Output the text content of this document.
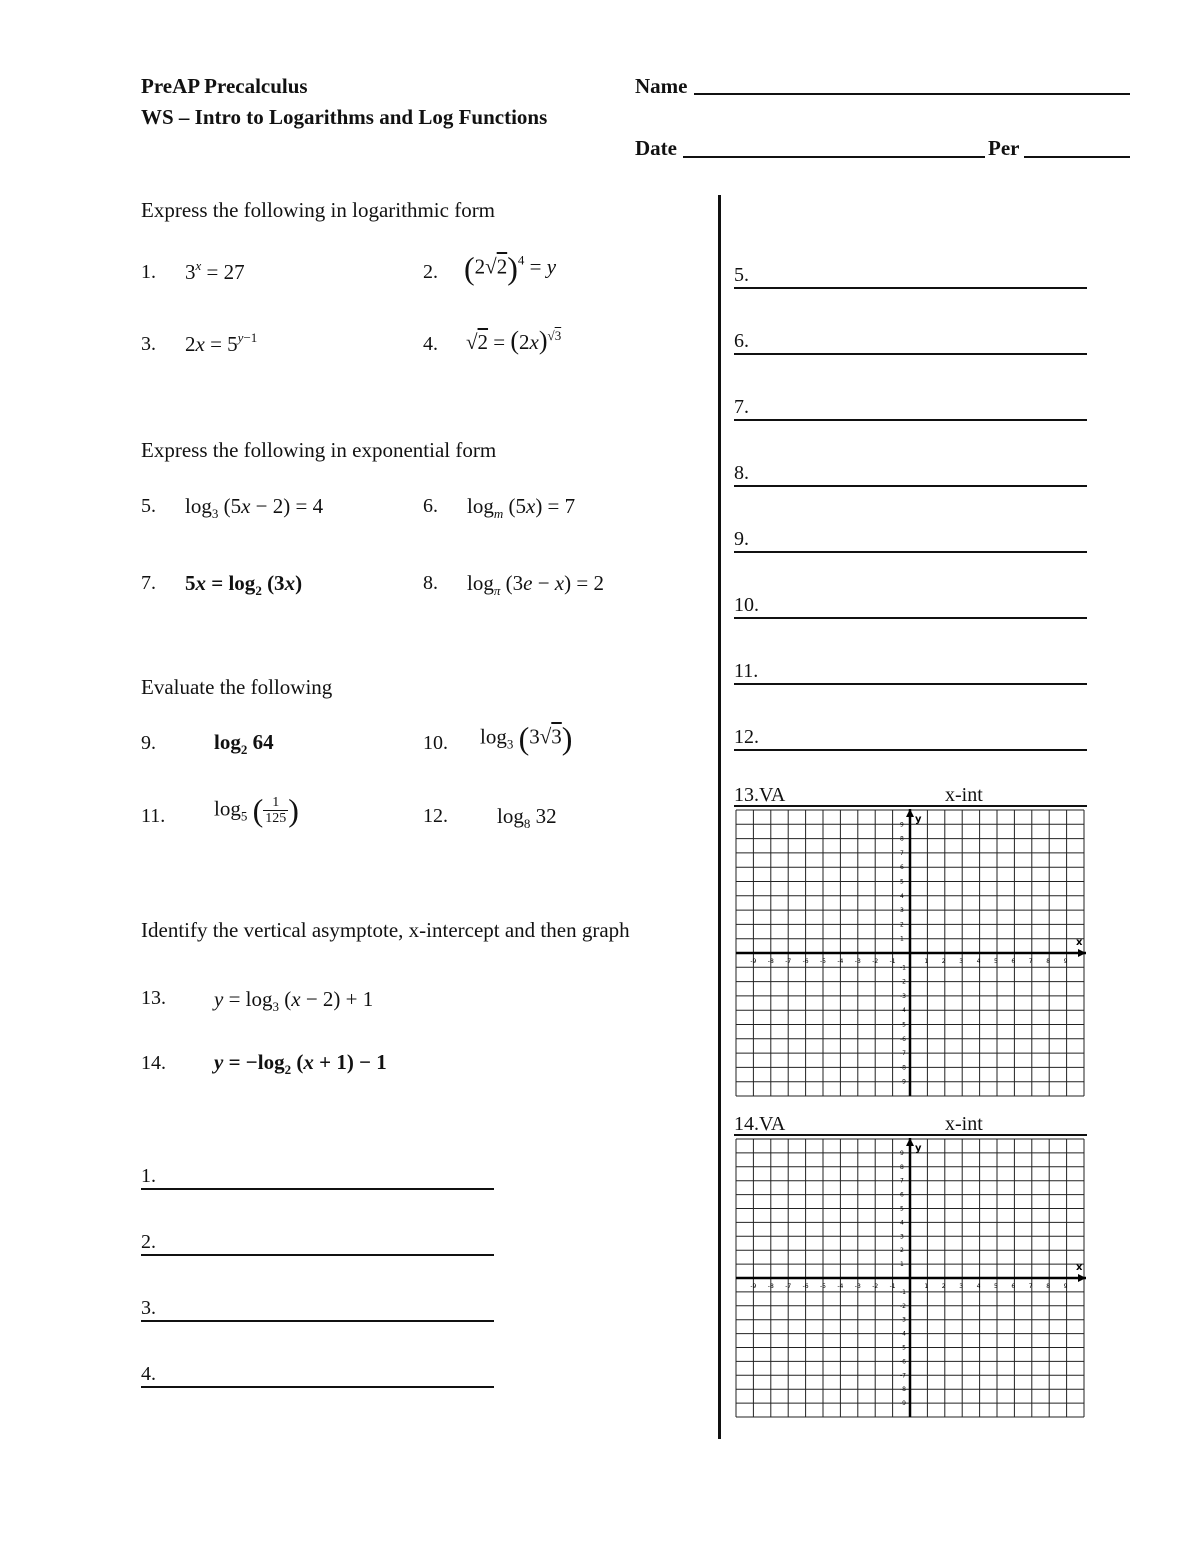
PreAP Precalculus
WS – Intro to Logarithms and Log Functions
Name
Date	Per
Express the following in logarithmic form
1. $3^x = 27$	2. $(2√2)^4 = y$
3. $2x = 5^{y-1}$	4. $√2 = (2x)^{√3}$
Express the following in exponential form
5. $\log_3 (5x - 2) = 4$	6. $\log_m (5x) = 7$
7. $5x = \log_2 (3x)$	8. $\log_\pi (3e - x) = 2$
Evaluate the following
9.	$\log_2 64$	10. $\log_3 (3√3)$
11. $\log_5$ ( $\frac{1}{125}$ )	12. $\log_8 32$
Identify the vertical asymptote, x-intercept and then graph
13. $y = \log_3 (x - 2) + 1$
14. $y = -\log_2$ (x + 1) − 1
1.
2.
3.
4.
5.
6.
7.
8.
9.
10.
11.
12.
13.VA	x-int
x
y
-9
-9
-8
-8
-7
-7
-6
-6
-5
-5
-4
-4
-3
-3
-2
-2
-1
-1
1
1
2
2
3
3
4
4
5
5
6
6
7
7
8
8
9
9
14.VA	x-int
x
y
-9
-9
-8
-8
-7
-7
-6
-6
-5
-5
-4
-4
-3
-3
-2
-2
-1
-1
1
1
2
2
3
3
4
4
5
5
6
6
7
7
8
8
9
9
